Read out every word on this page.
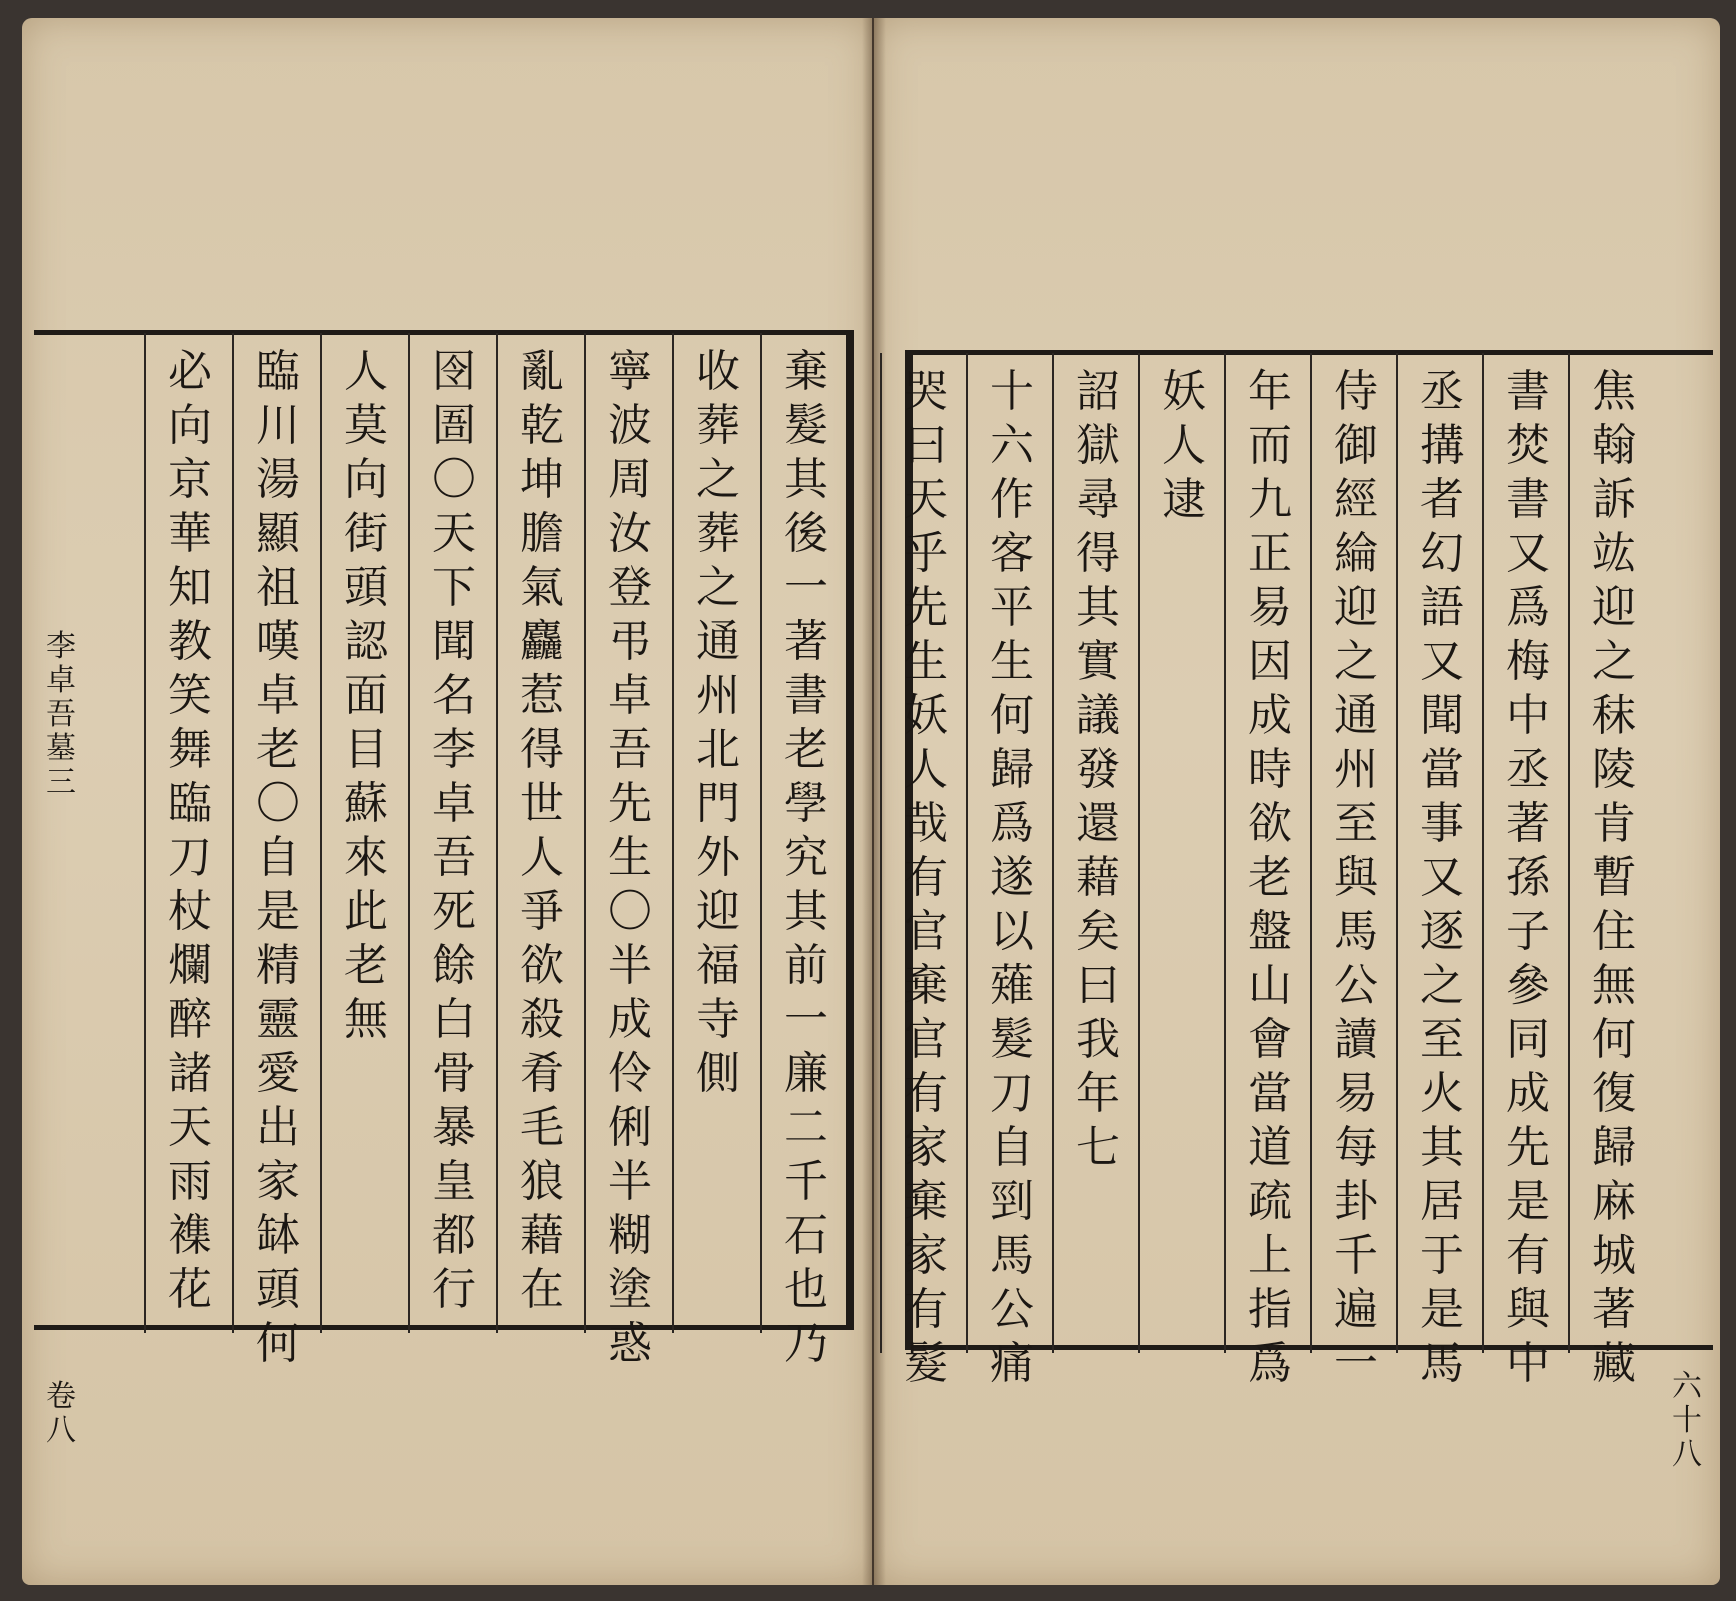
李
卓
吾
墓
三
卷
八
六
十
八
棄
髮
其
後
一
著
書
老
學
究
其
前
一
廉
二
千
石
也
乃
收
葬
之
葬
之
通
州
北
門
外
迎
福
寺
側
寧
波
周
汝
登
弔
卓
吾
先
生
〇
半
成
伶
俐
半
糊
塗
惑
亂
乾
坤
膽
氣
麤
惹
得
世
人
爭
欲
殺
肴
毛
狼
藉
在
囹
圄
〇
天
下
聞
名
李
卓
吾
死
餘
白
骨
暴
皇
都
行
人
莫
向
街
頭
認
面
目
蘇
來
此
老
無
臨
川
湯
顯
祖
嘆
卓
老
〇
自
是
精
靈
愛
出
家
缽
頭
何
必
向
京
華
知
教
笑
舞
臨
刀
杖
爛
醉
諸
天
雨
襍
花
焦
翰
訴
竑
迎
之
秣
陵
肯
暫
住
無
何
復
歸
麻
城
著
藏
書
焚
書
又
爲
梅
中
丞
著
孫
子
參
同
成
先
是
有
與
中
丞
搆
者
幻
語
又
聞
當
事
又
逐
之
至
火
其
居
于
是
馬
侍
御
經
綸
迎
之
通
州
至
與
馬
公
讀
易
每
卦
千
遍
一
年
而
九
正
易
因
成
時
欲
老
盤
山
會
當
道
疏
上
指
爲
妖
人
逮
詔
獄
尋
得
其
實
議
發
還
藉
矣
曰
我
年
七
十
六
作
客
平
生
何
歸
爲
遂
以
薙
髮
刀
自
剄
馬
公
痛
哭
曰
天
乎
先
生
妖
人
哉
有
官
棄
官
有
家
棄
家
有
髮
